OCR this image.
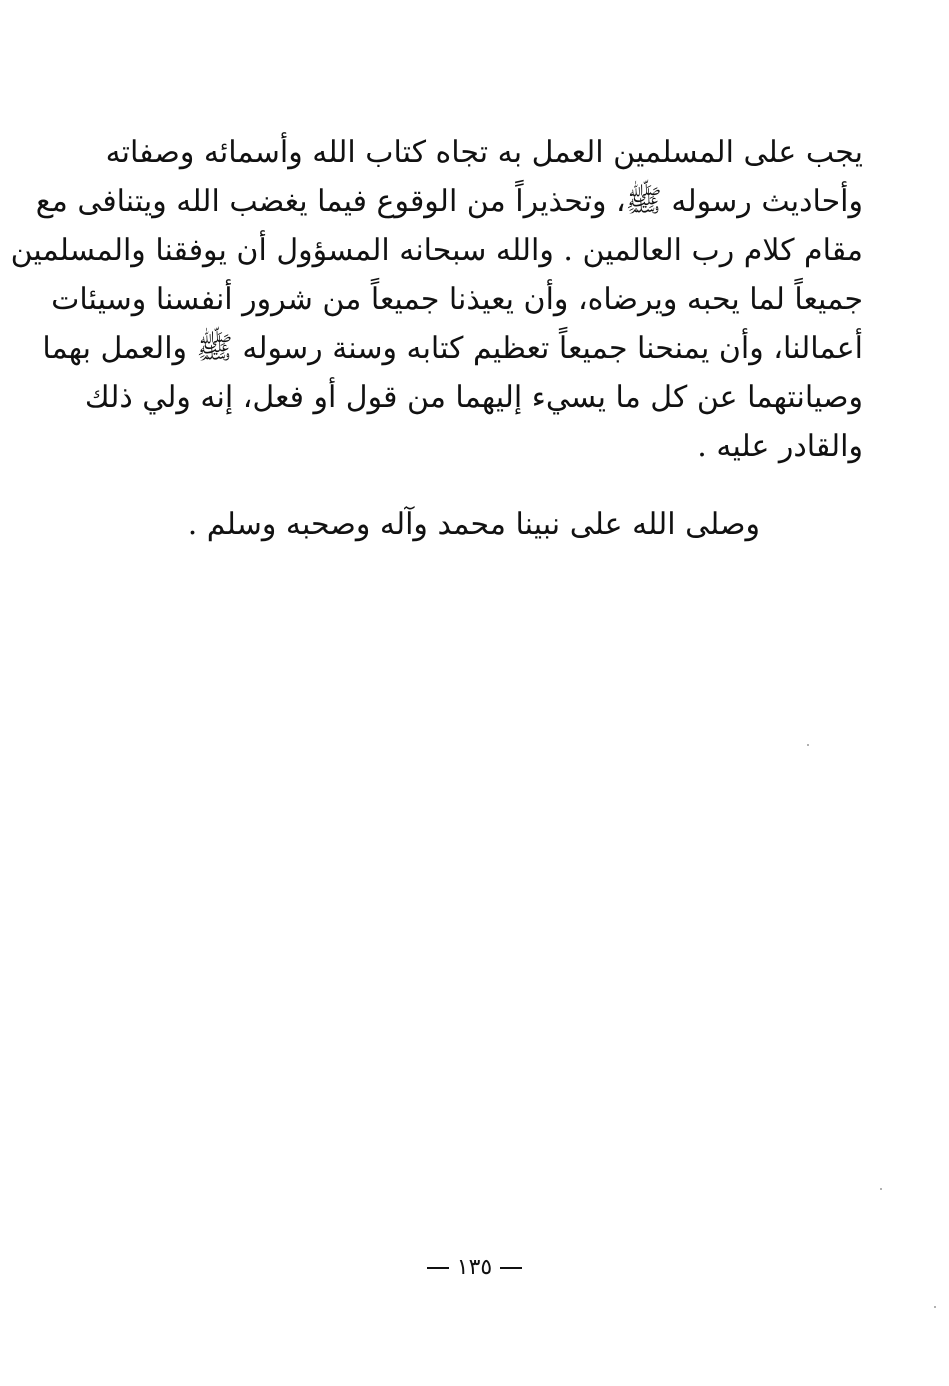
يجب على المسلمين العمل به تجاه كتاب الله وأسمائه وصفاته
وأحاديث رسوله ﷺ، وتحذيراً من الوقوع فيما يغضب الله ويتنافى مع
مقام كلام رب العالمين . والله سبحانه المسؤول أن يوفقنا والمسلمين
جميعاً لما يحبه ويرضاه، وأن يعيذنا جميعاً من شرور أنفسنا وسيئات
أعمالنا، وأن يمنحنا جميعاً تعظيم كتابه وسنة رسوله ﷺ والعمل بهما
وصيانتهما عن كل ما يسيء إليهما من قول أو فعل، إنه ولي ذلك
والقادر عليه .
وصلى الله على نبينا محمد وآله وصحبه وسلم .
١٣٥
